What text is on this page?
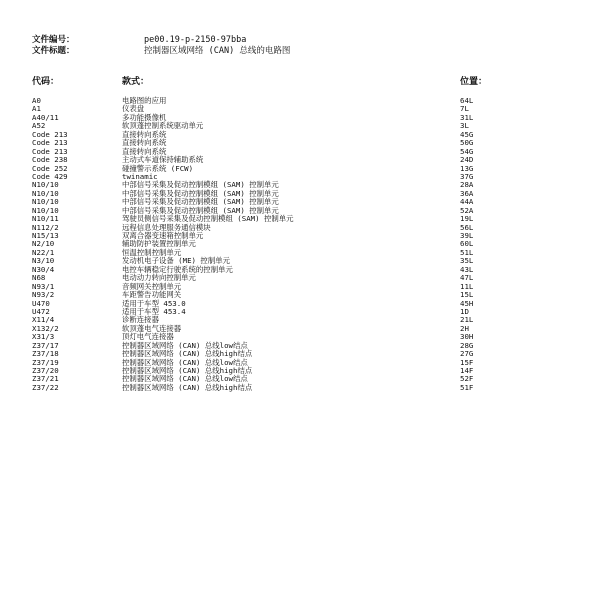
文件编号：	pe00.19-p-2150-97bba
文件标题：	控制器区域网络 (CAN) 总线的电路图
代码：	款式：	位置：
A0	电路图的应用	64L
A1	仪表盘	7L
A40/11	多功能摄像机	31L
A52	软顶蓬控制系统驱动单元	3L
Code 213	直接转向系统	45G
Code 213	直接转向系统	50G
Code 213	直接转向系统	54G
Code 238	主动式车道保持辅助系统	24D
Code 252	碰撞警示系统 (FCW)	13G
Code 429	twinamic	37G
N10/10	中部信号采集及促动控制模组 (SAM) 控制单元	28A
N10/10	中部信号采集及促动控制模组 (SAM) 控制单元	36A
N10/10	中部信号采集及促动控制模组 (SAM) 控制单元	44A
N10/10	中部信号采集及促动控制模组 (SAM) 控制单元	52A
N10/11	驾驶员侧信号采集及促动控制模组 (SAM) 控制单元	19L
N112/2	远程信息处理服务通信模块	56L
N15/13	双离合器变速箱控制单元	39L
N2/10	辅助防护装置控制单元	60L
N22/1	恒温控制控制单元	51L
N3/10	发动机电子设备 (ME) 控制单元	35L
N30/4	电控车辆稳定行驶系统的控制单元	43L
N68	电动动力转向控制单元	47L
N93/1	音频网关控制单元	11L
N93/2	车距警告功能网关	15L
U470	适用于车型 453.0	45H
U472	适用于车型 453.4	1D
X11/4	诊断连接器	21L
X132/2	软顶蓬电气连接器	2H
X31/3	顶灯电气连接器	30H
Z37/17	控制器区域网络 (CAN) 总线low结点	28G
Z37/18	控制器区域网络 (CAN) 总线high结点	27G
Z37/19	控制器区域网络 (CAN) 总线low结点	15F
Z37/20	控制器区域网络 (CAN) 总线high结点	14F
Z37/21	控制器区域网络 (CAN) 总线low结点	52F
Z37/22	控制器区域网络 (CAN) 总线high结点	51F
